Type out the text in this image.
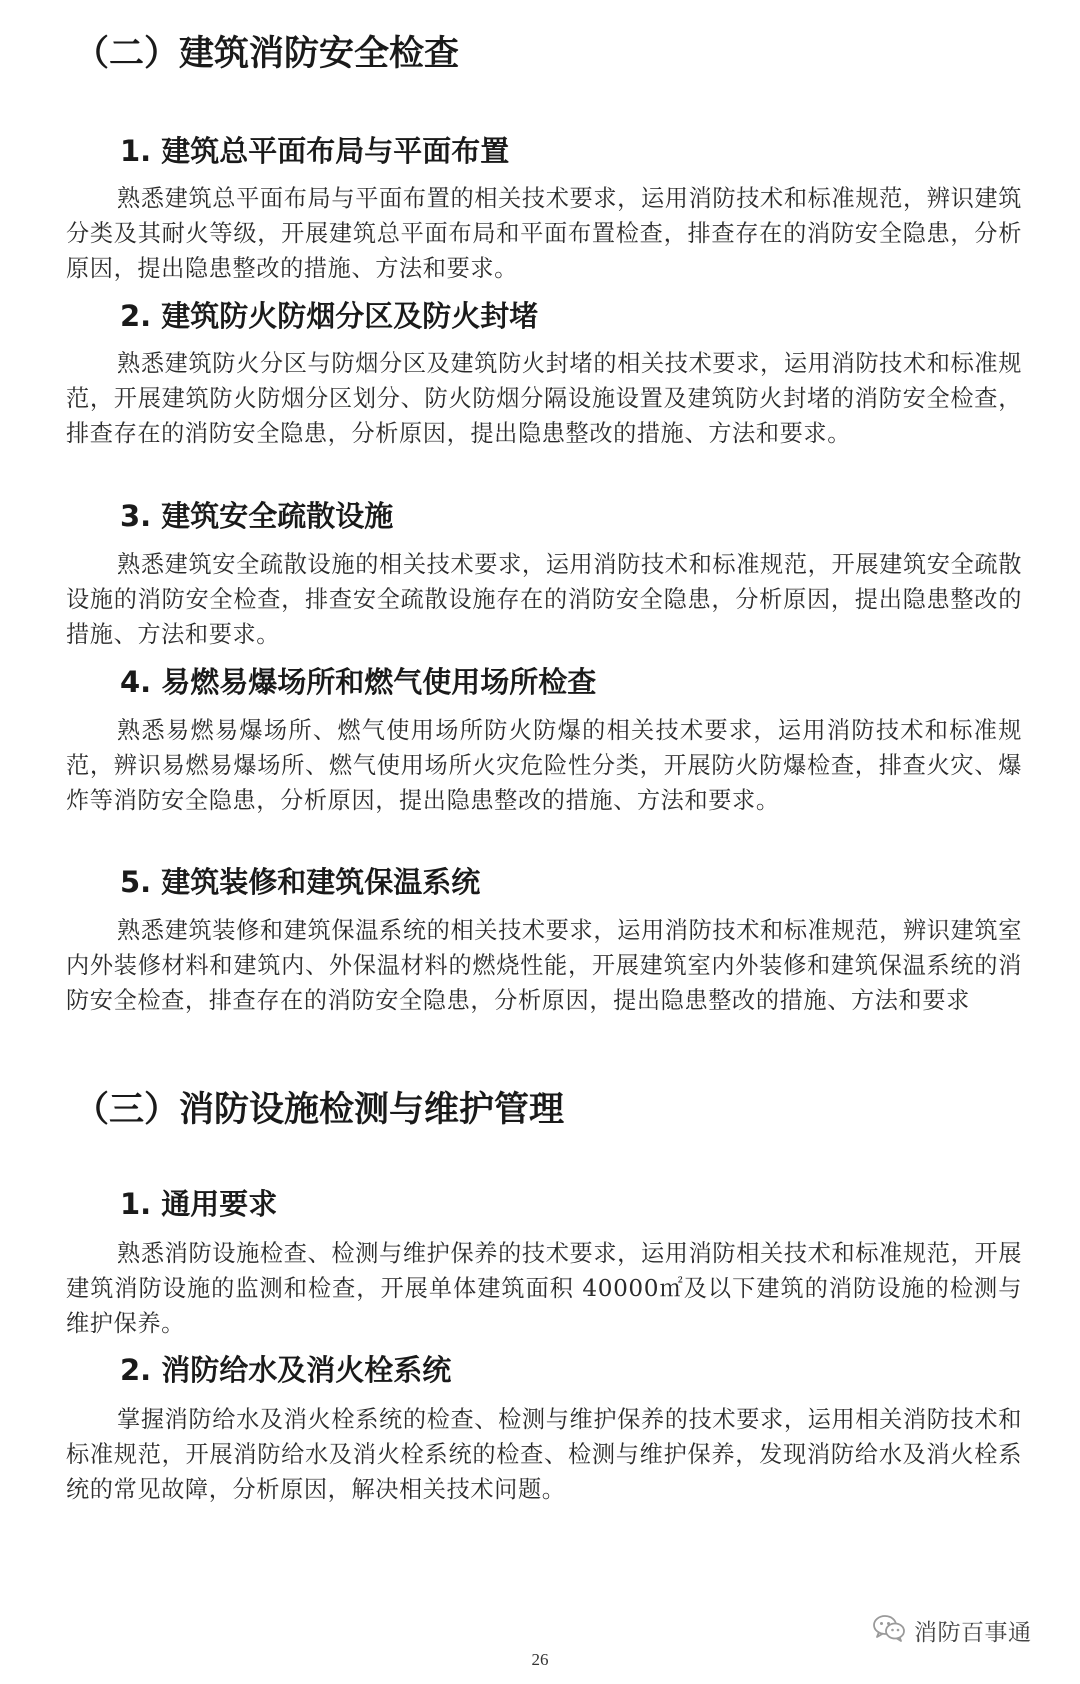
（二）建筑消防安全检查
1. 建筑总平面布局与平面布置

熟悉建筑总平面布局与平面布置的相关技术要求，运用消防技术和标准规范，辨识建筑分类及其耐火等级，开展建筑总平面布局和平面布置检查，排查存在的消防安全隐患，分析原因，提出隐患整改的措施、方法和要求。

2. 建筑防火防烟分区及防火封堵

熟悉建筑防火分区与防烟分区及建筑防火封堵的相关技术要求，运用消防技术和标准规范，开展建筑防火防烟分区划分、防火防烟分隔设施设置及建筑防火封堵的消防安全检查，排查存在的消防安全隐患，分析原因，提出隐患整改的措施、方法和要求。

3. 建筑安全疏散设施

熟悉建筑安全疏散设施的相关技术要求，运用消防技术和标准规范，开展建筑安全疏散设施的消防安全检查，排查安全疏散设施存在的消防安全隐患，分析原因，提出隐患整改的措施、方法和要求。

4. 易燃易爆场所和燃气使用场所检查

熟悉易燃易爆场所、燃气使用场所防火防爆的相关技术要求，运用消防技术和标准规范，辨识易燃易爆场所、燃气使用场所火灾危险性分类，开展防火防爆检查，排查火灾、爆炸等消防安全隐患，分析原因，提出隐患整改的措施、方法和要求。

5. 建筑装修和建筑保温系统

熟悉建筑装修和建筑保温系统的相关技术要求，运用消防技术和标准规范，辨识建筑室内外装修材料和建筑内、外保温材料的燃烧性能，开展建筑室内外装修和建筑保温系统的消防安全检查，排查存在的消防安全隐患，分析原因，提出隐患整改的措施、方法和要求

（三）消防设施检测与维护管理
1. 通用要求

熟悉消防设施检查、检测与维护保养的技术要求，运用消防相关技术和标准规范，开展建筑消防设施的监测和检查，开展单体建筑面积 40000㎡及以下建筑的消防设施的检测与维护保养。

2. 消防给水及消火栓系统

掌握消防给水及消火栓系统的检查、检测与维护保养的技术要求，运用相关消防技术和标准规范，开展消防给水及消火栓系统的检查、检测与维护保养，发现消防给水及消火栓系统的常见故障，分析原因，解决相关技术问题。

消防百事通
26
